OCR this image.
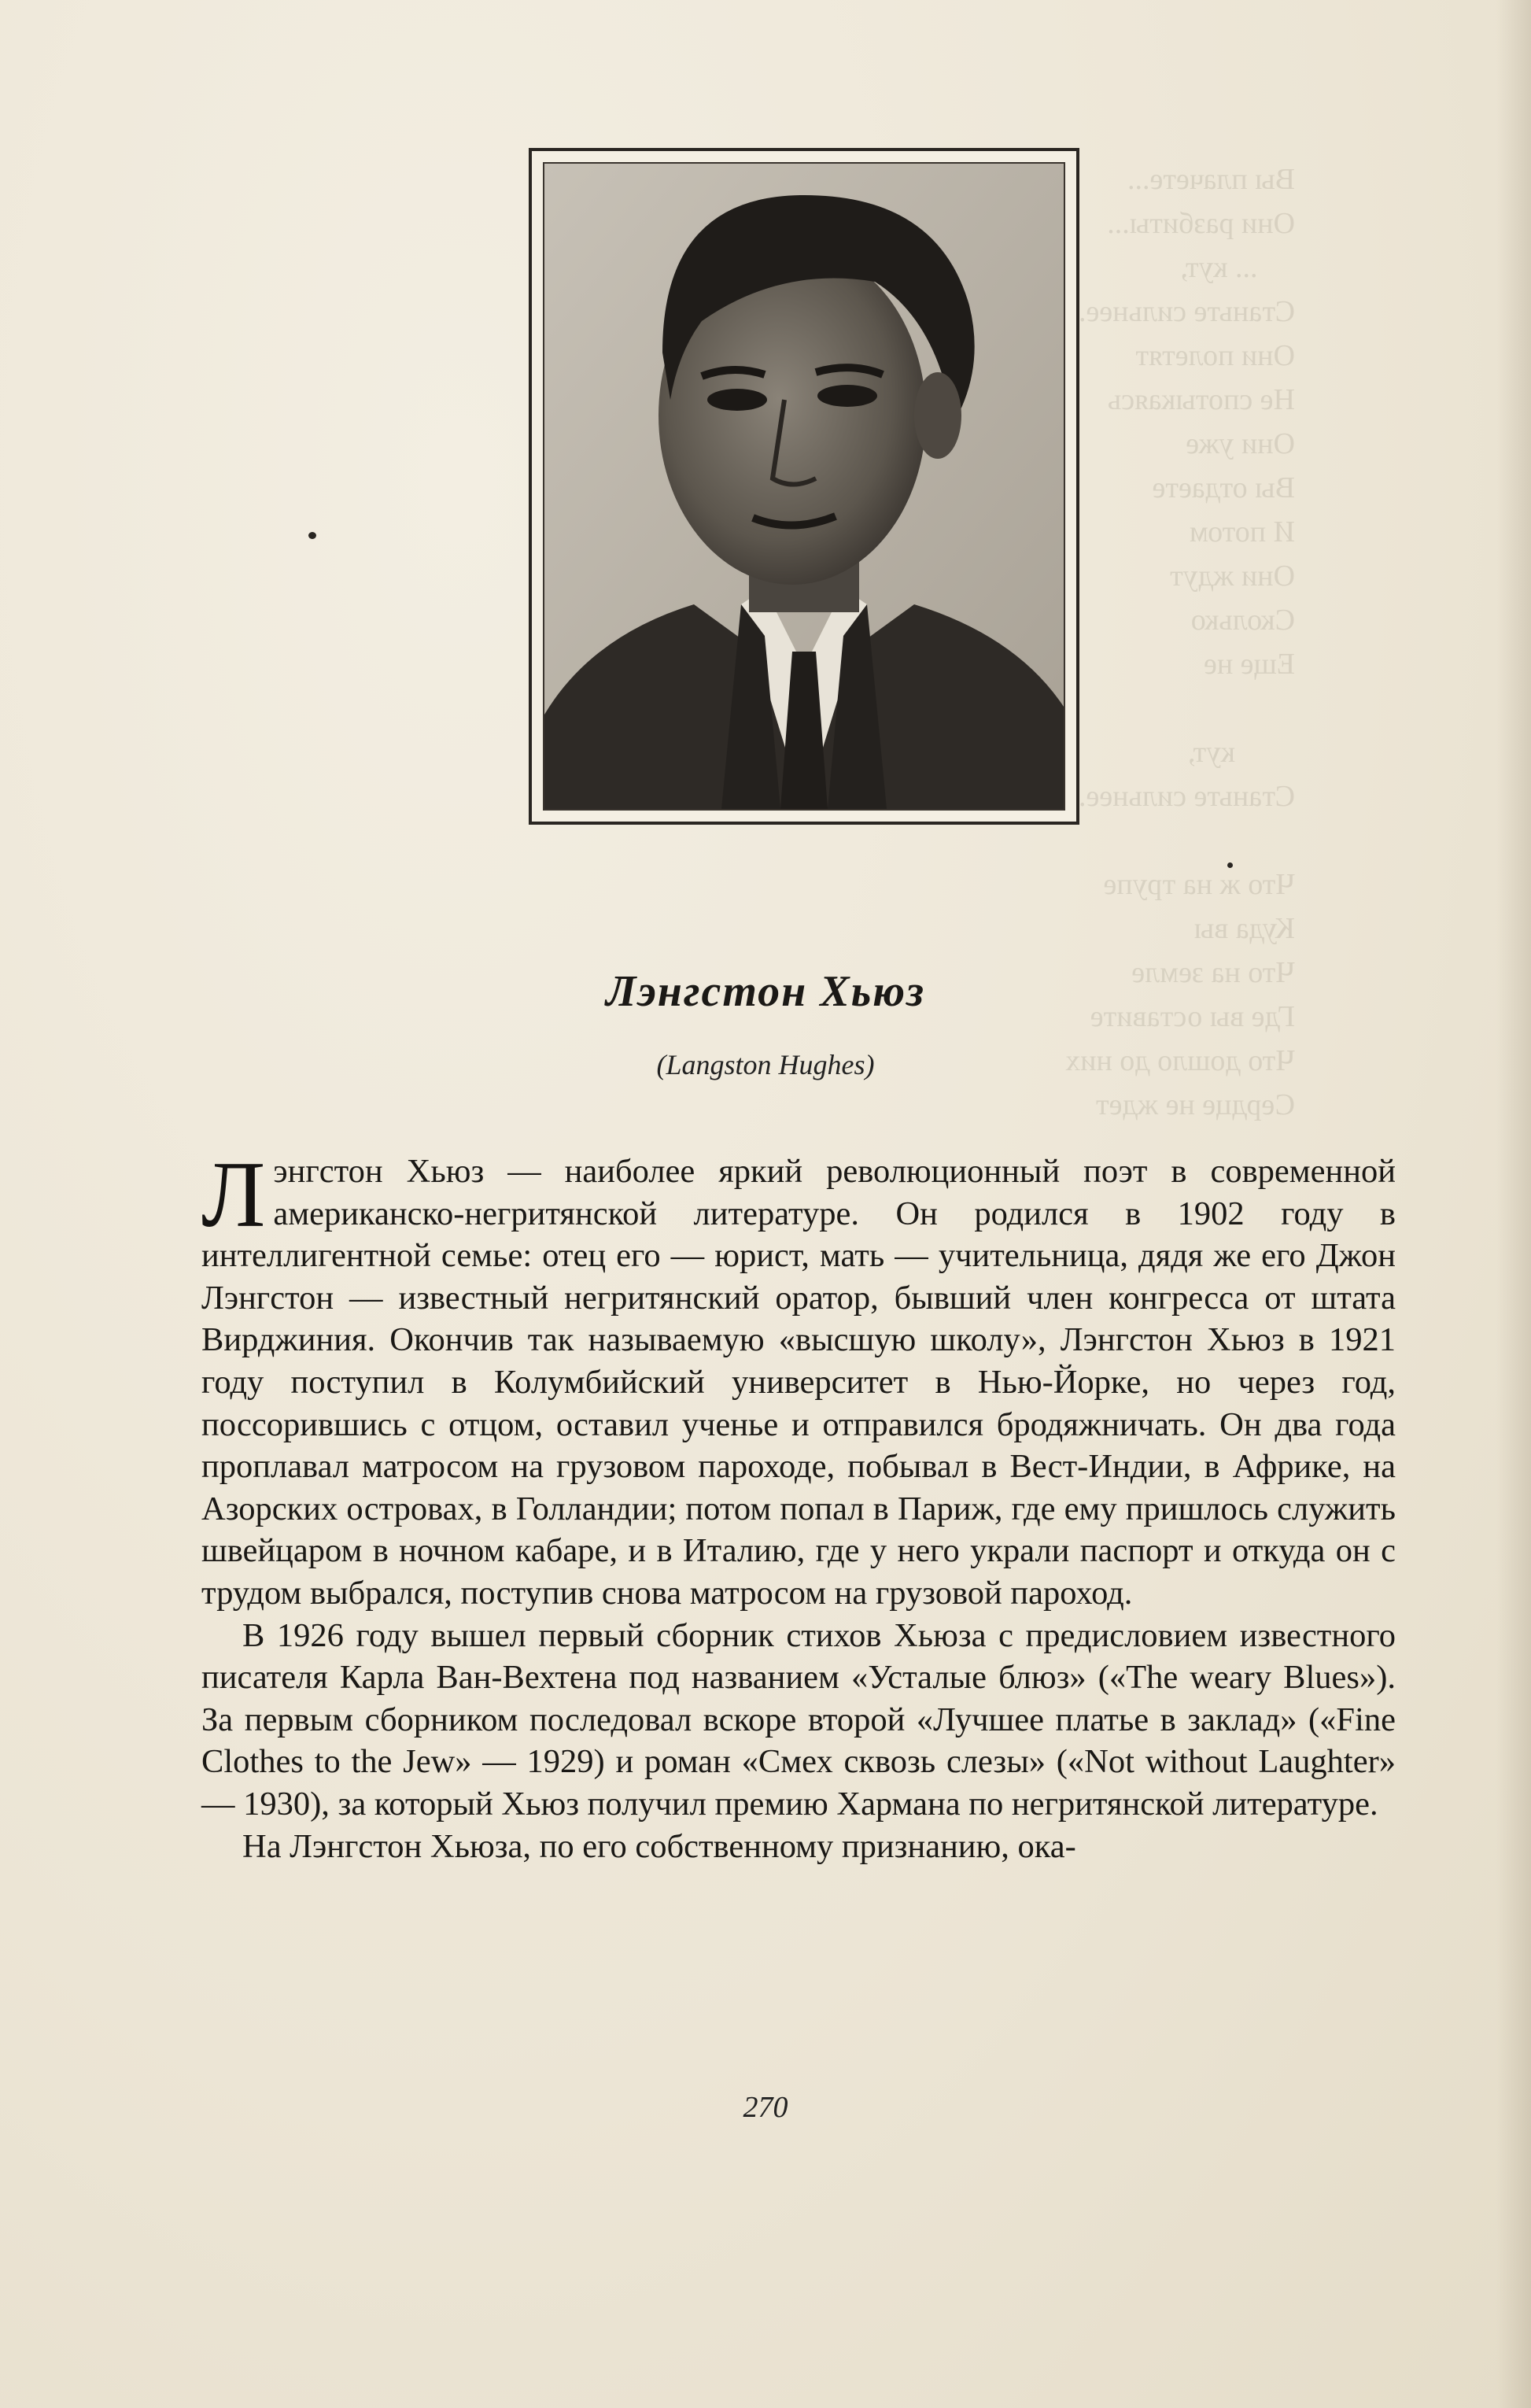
Вы плачете...
Они разбиты...
... кут,
Станьте сильнее...
Они полетят
Не спотыкаясь
Они уже
Вы отдаете
И потом
Они ждут
Сколько
Еще не

кут,
Станьте сильнее...

Что ж на трупе
Куда вы
Что на земле
Где вы оставите
Что дошло до них
Сердце не ждет
Лэнгстон Хьюз
(Langston Hughes)

Лэнгстон Хьюз — наиболее яркий революционный поэт в современной американско-негритянской литературе. Он родился в 1902 году в интеллигентной семье: отец его — юрист, мать — учительница, дядя же его Джон Лэнгстон — известный негритянский оратор, бывший член конгресса от штата Вирджиния. Окончив так называемую «высшую школу», Лэнгстон Хьюз в 1921 году поступил в Колумбийский университет в Нью-Йорке, но через год, поссорившись с отцом, оставил ученье и отправился бродяжничать. Он два года проплавал матросом на грузовом пароходе, побывал в Вест-Индии, в Африке, на Азорских островах, в Голландии; потом попал в Париж, где ему пришлось служить швейцаром в ночном кабаре, и в Италию, где у него украли паспорт и откуда он с трудом выбрался, поступив снова матросом на грузовой пароход.

В 1926 году вышел первый сборник стихов Хьюза с предисловием известного писателя Карла Ван-Вехтена под названием «Усталые блюз» («The weary Blues»). За первым сборником последовал вскоре второй «Лучшее платье в заклад» («Fine Clothes to the Jew» — 1929) и роман «Смех сквозь слезы» («Not without Laughter» — 1930), за который Хьюз получил премию Хармана по негритянской литературе.

На Лэнгстон Хьюза, по его собственному признанию, ока-

270
